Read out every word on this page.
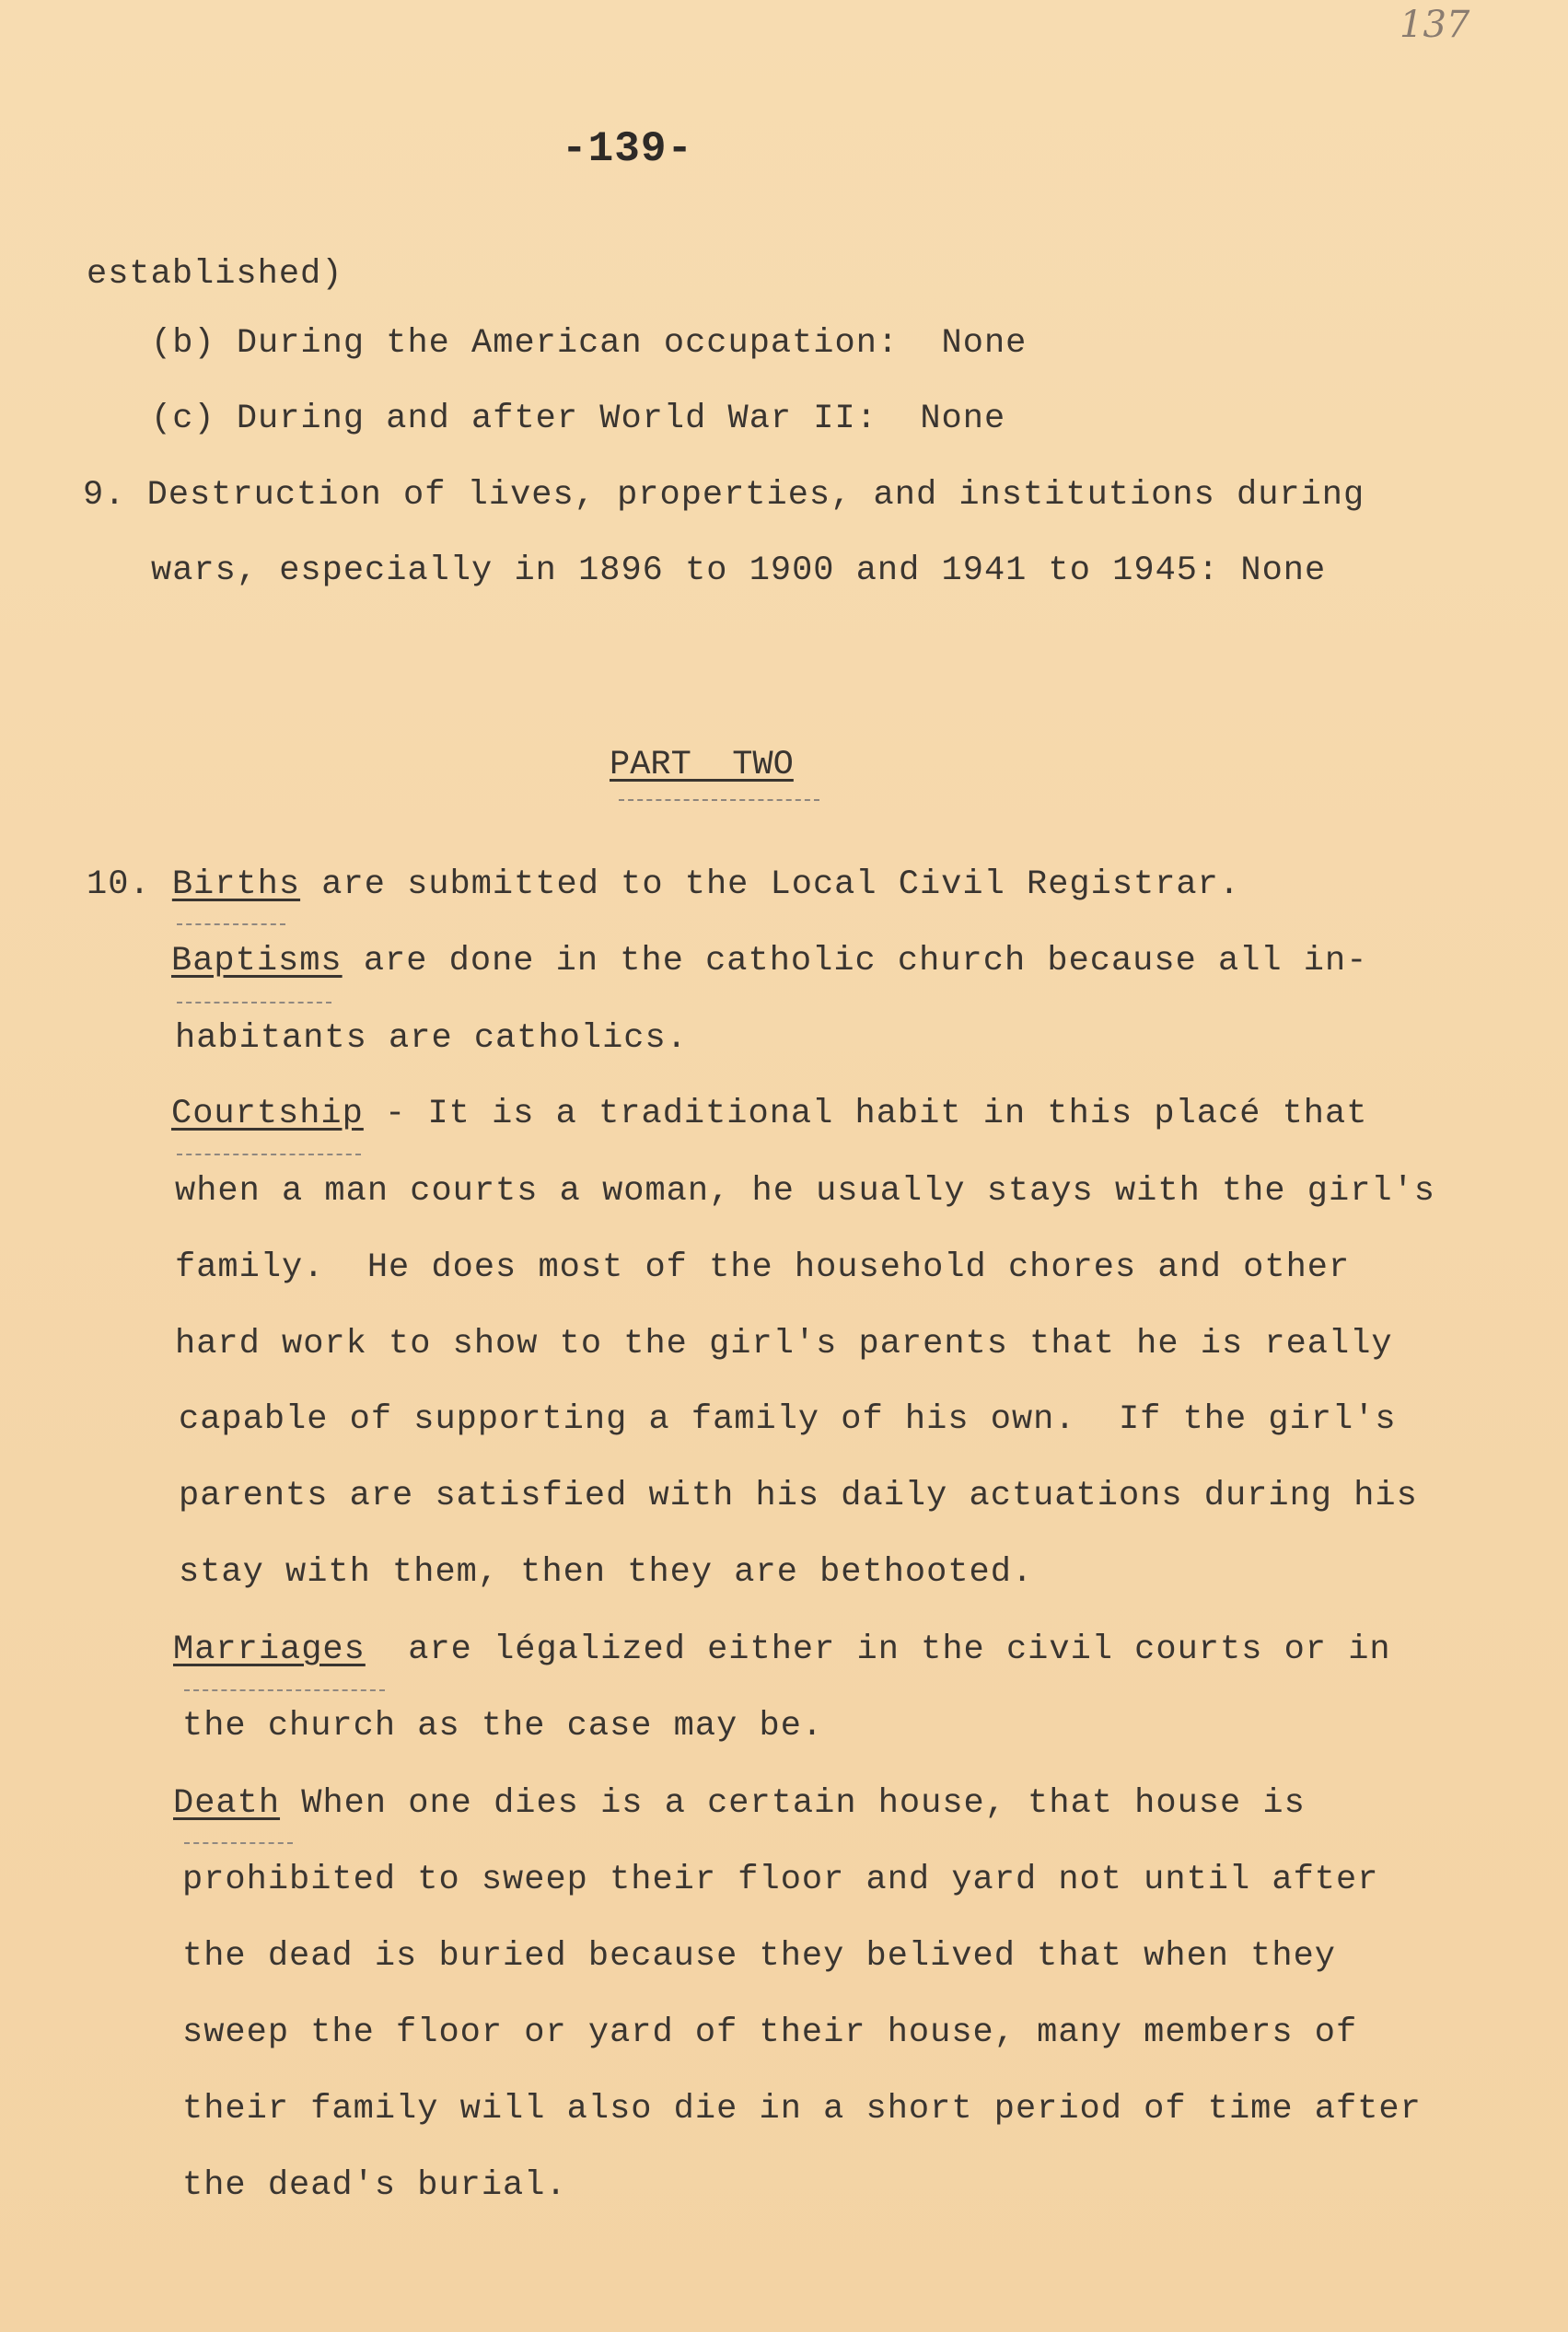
137
-139-
established)
(b) During the American occupation:  None
(c) During and after World War II:  None
9. Destruction of lives, properties, and institutions during
wars, especially in 1896 to 1900 and 1941 to 1945: None
PART  TWO
10. Births are submitted to the Local Civil Registrar.
Baptisms are done in the catholic church because all in-
habitants are catholics.
Courtship - It is a traditional habit in this placé that
when a man courts a woman, he usually stays with the girl's
family.  He does most of the household chores and other
hard work to show to the girl's parents that he is really
capable of supporting a family of his own.  If the girl's
parents are satisfied with his daily actuations during his
stay with them, then they are bethooted.
Marriages  are légalized either in the civil courts or in
the church as the case may be.
Death When one dies is a certain house, that house is
prohibited to sweep their floor and yard not until after
the dead is buried because they belived that when they
sweep the floor or yard of their house, many members of
their family will also die in a short period of time after
the dead's burial.
